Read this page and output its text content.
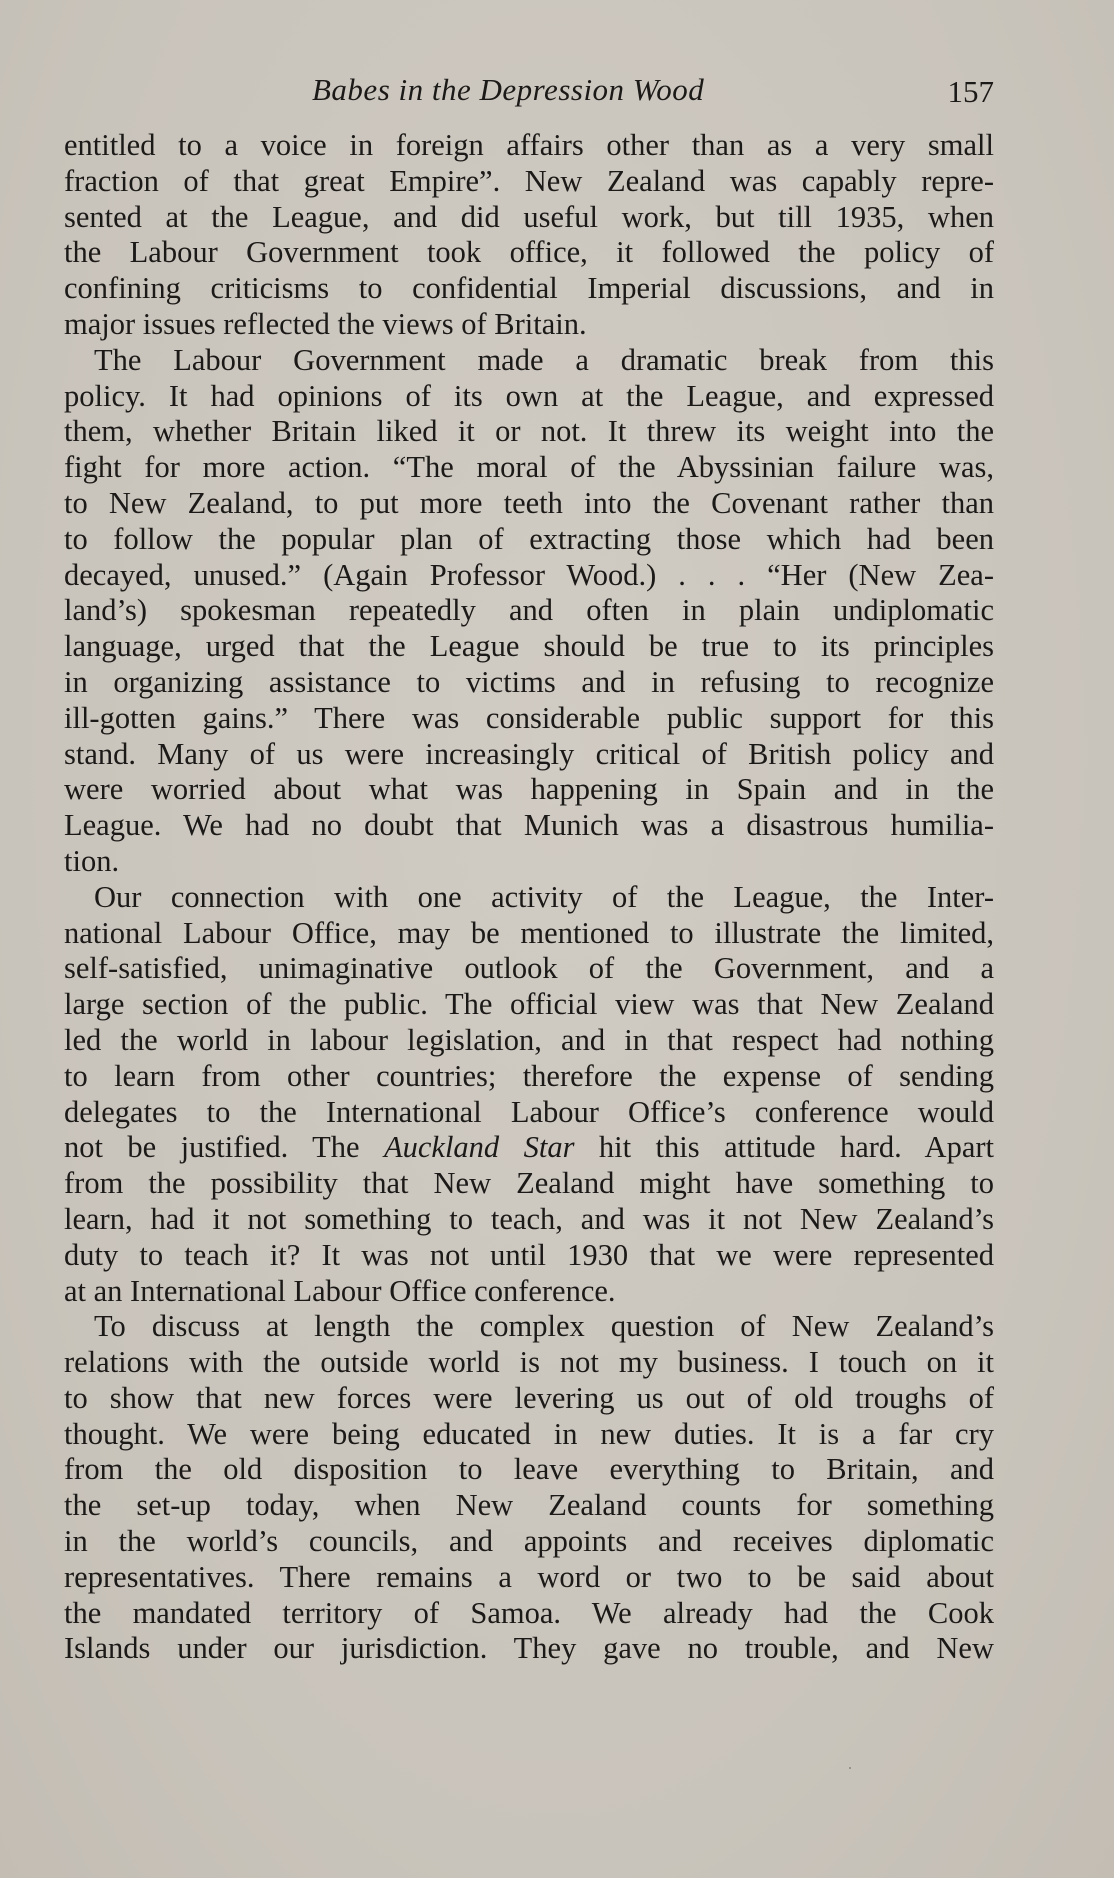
Babes in the Depression Wood	157
entitled to a voice in foreign affairs other than as a very small
fraction of that great Empire”. New Zealand was capably repre-
sented at the League, and did useful work, but till 1935, when
the Labour Government took office, it followed the policy of
confining criticisms to confidential Imperial discussions, and in
major issues reflected the views of Britain.
The Labour Government made a dramatic break from this
policy. It had opinions of its own at the League, and expressed
them, whether Britain liked it or not. It threw its weight into the
fight for more action. “The moral of the Abyssinian failure was,
to New Zealand, to put more teeth into the Covenant rather than
to follow the popular plan of extracting those which had been
decayed, unused.” (Again Professor Wood.) . . . “Her (New Zea-
land’s) spokesman repeatedly and often in plain undiplomatic
language, urged that the League should be true to its principles
in organizing assistance to victims and in refusing to recognize
ill-gotten gains.” There was considerable public support for this
stand. Many of us were increasingly critical of British policy and
were worried about what was happening in Spain and in the
League. We had no doubt that Munich was a disastrous humilia-
tion.
Our connection with one activity of the League, the Inter-
national Labour Office, may be mentioned to illustrate the limited,
self-satisfied, unimaginative outlook of the Government, and a
large section of the public. The official view was that New Zealand
led the world in labour legislation, and in that respect had nothing
to learn from other countries; therefore the expense of sending
delegates to the International Labour Office’s conference would
not be justified. The Auckland Star hit this attitude hard. Apart
from the possibility that New Zealand might have something to
learn, had it not something to teach, and was it not New Zealand’s
duty to teach it? It was not until 1930 that we were represented
at an International Labour Office conference.
To discuss at length the complex question of New Zealand’s
relations with the outside world is not my business. I touch on it
to show that new forces were levering us out of old troughs of
thought. We were being educated in new duties. It is a far cry
from the old disposition to leave everything to Britain, and
the set-up today, when New Zealand counts for something
in the world’s councils, and appoints and receives diplomatic
representatives. There remains a word or two to be said about
the mandated territory of Samoa. We already had the Cook
Islands under our jurisdiction. They gave no trouble, and New
